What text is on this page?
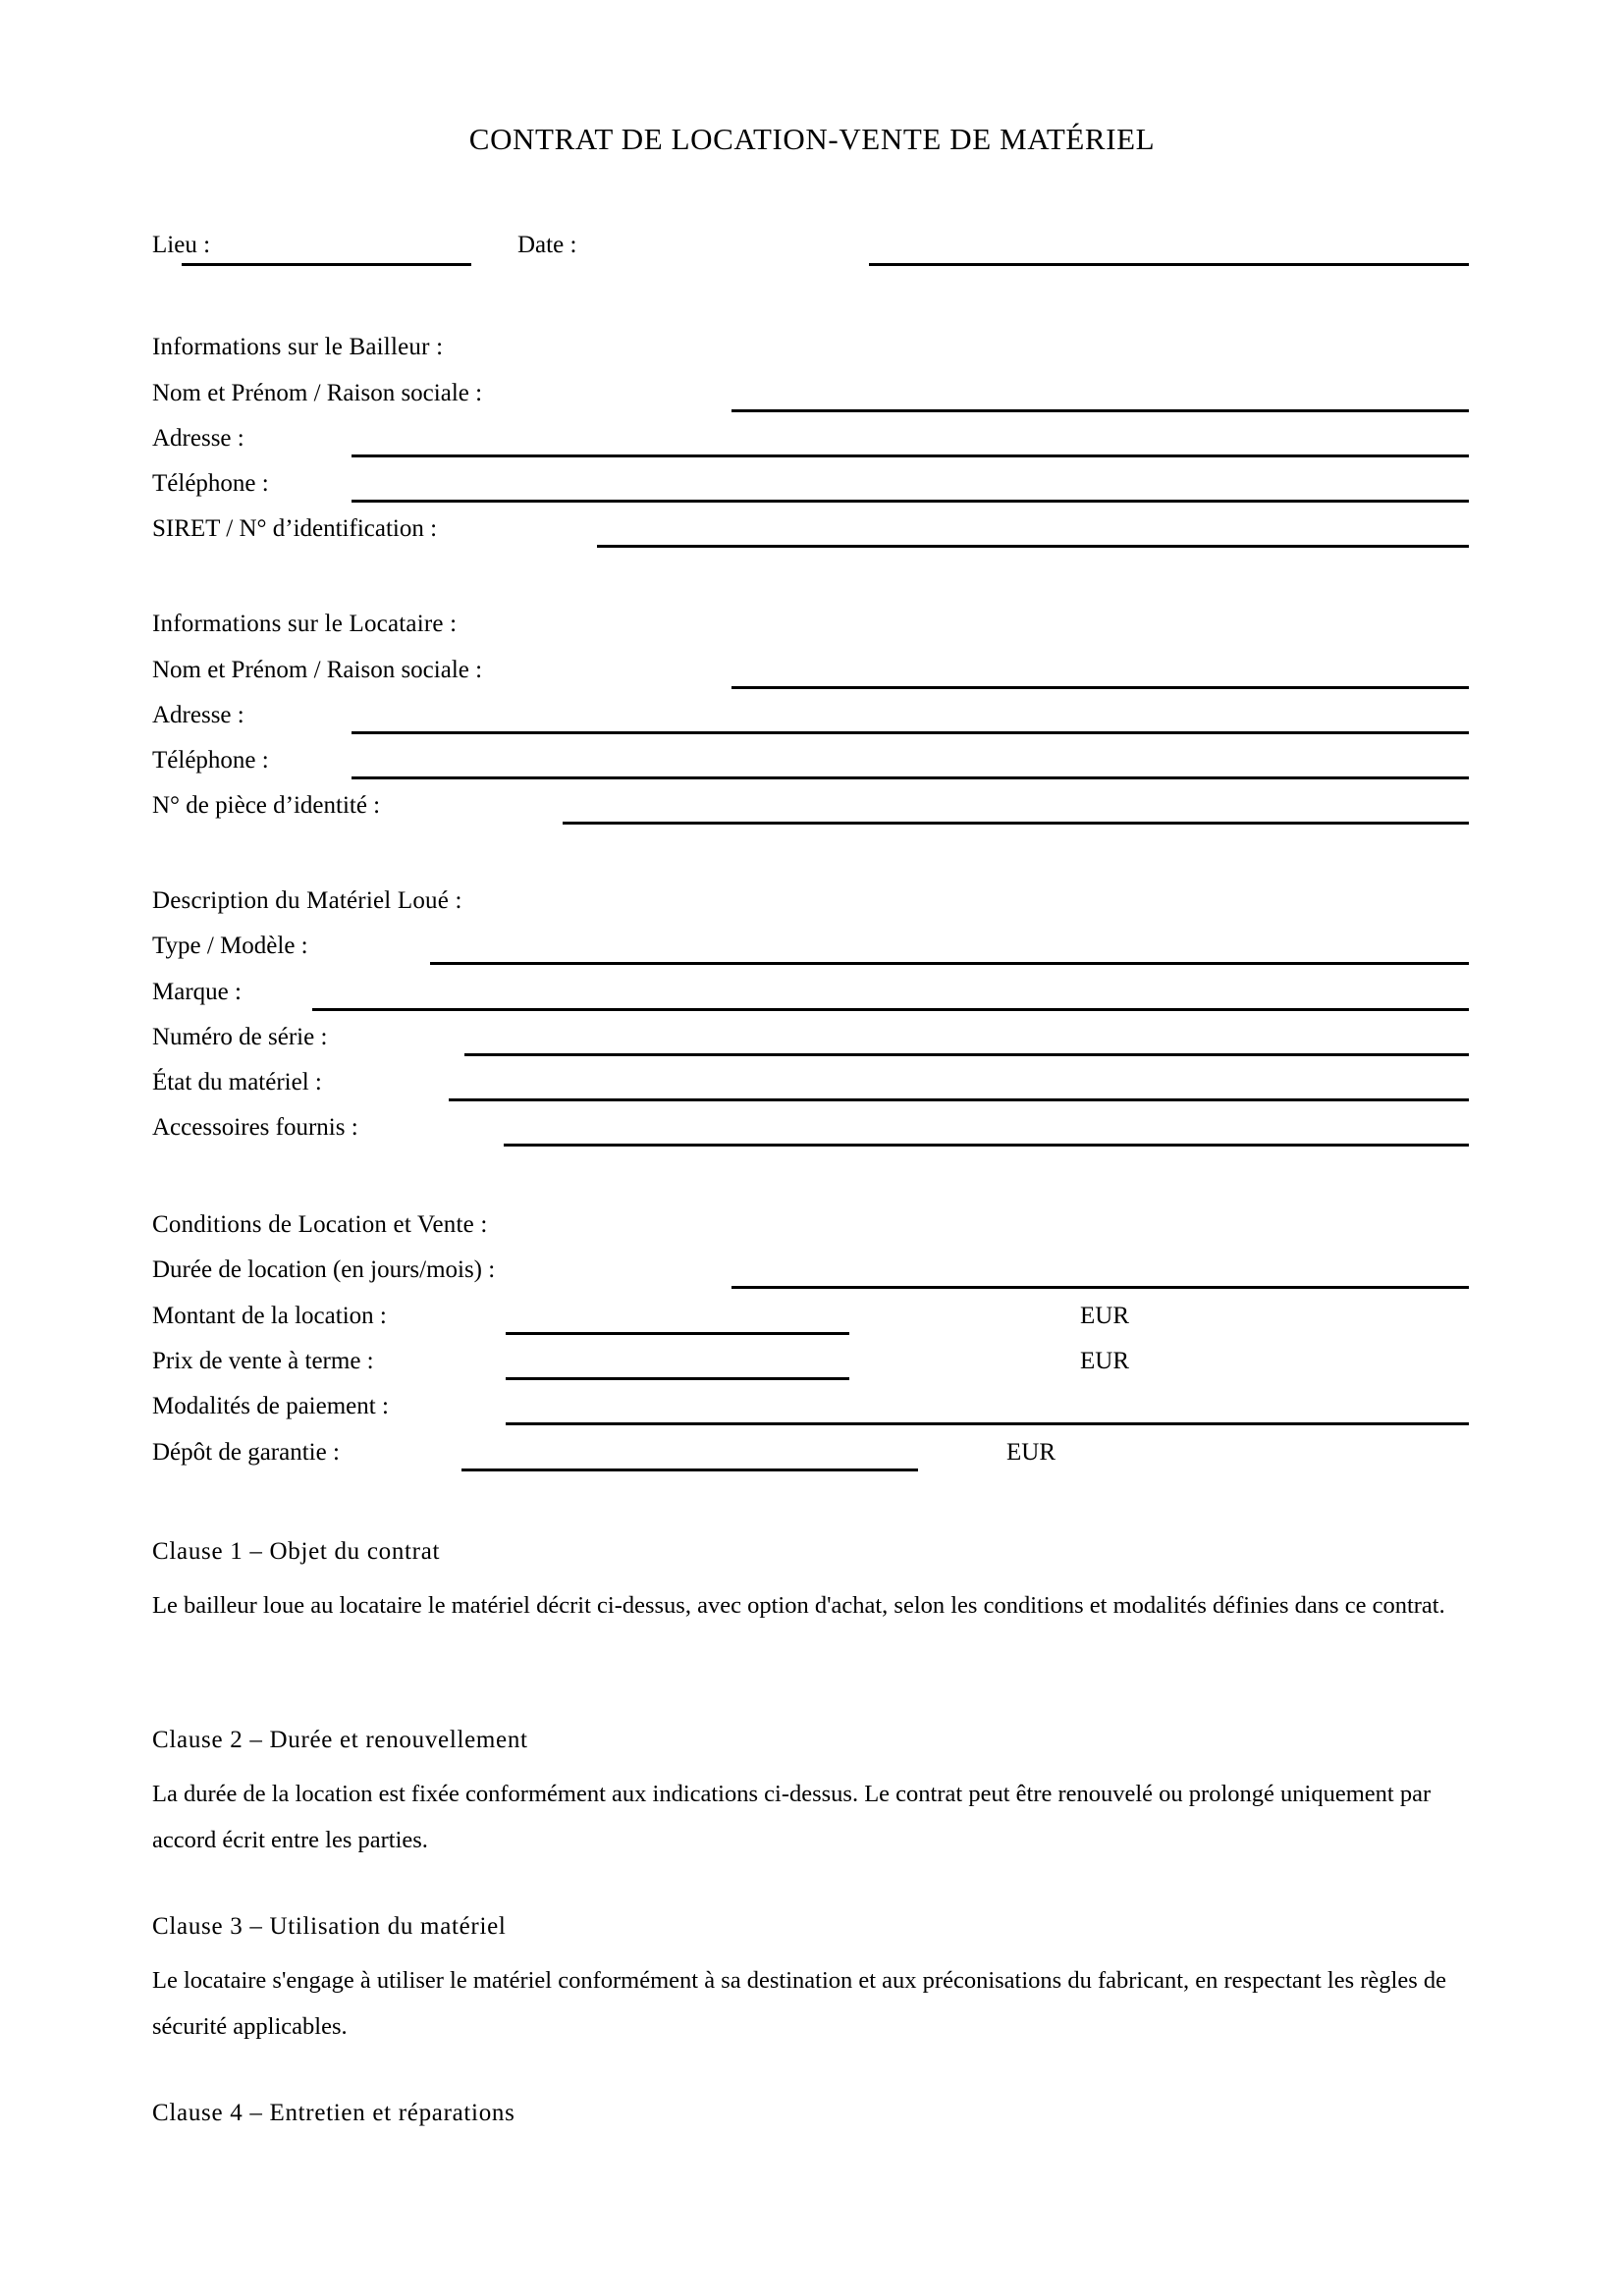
CONTRAT DE LOCATION-VENTE DE MATÉRIEL
Lieu :	Date :
Informations sur le Bailleur :
Nom et Prénom / Raison sociale :
Adresse :
Téléphone :
SIRET / N° d’identification :
Informations sur le Locataire :
Nom et Prénom / Raison sociale :
Adresse :
Téléphone :
N° de pièce d’identité :
Description du Matériel Loué :
Type / Modèle :
Marque :
Numéro de série :
État du matériel :
Accessoires fournis :
Conditions de Location et Vente :
Durée de location (en jours/mois) :
Montant de la location :	EUR
Prix de vente à terme :	EUR
Modalités de paiement :
Dépôt de garantie :	EUR
Clause 1 – Objet du contrat
Le bailleur loue au locataire le matériel décrit ci-dessus, avec option d'achat, selon les conditions et modalités définies dans ce contrat.
Clause 2 – Durée et renouvellement
La durée de la location est fixée conformément aux indications ci-dessus. Le contrat peut être renouvelé ou prolongé uniquement par accord écrit entre les parties.
Clause 3 – Utilisation du matériel
Le locataire s'engage à utiliser le matériel conformément à sa destination et aux préconisations du fabricant, en respectant les règles de sécurité applicables.
Clause 4 – Entretien et réparations
